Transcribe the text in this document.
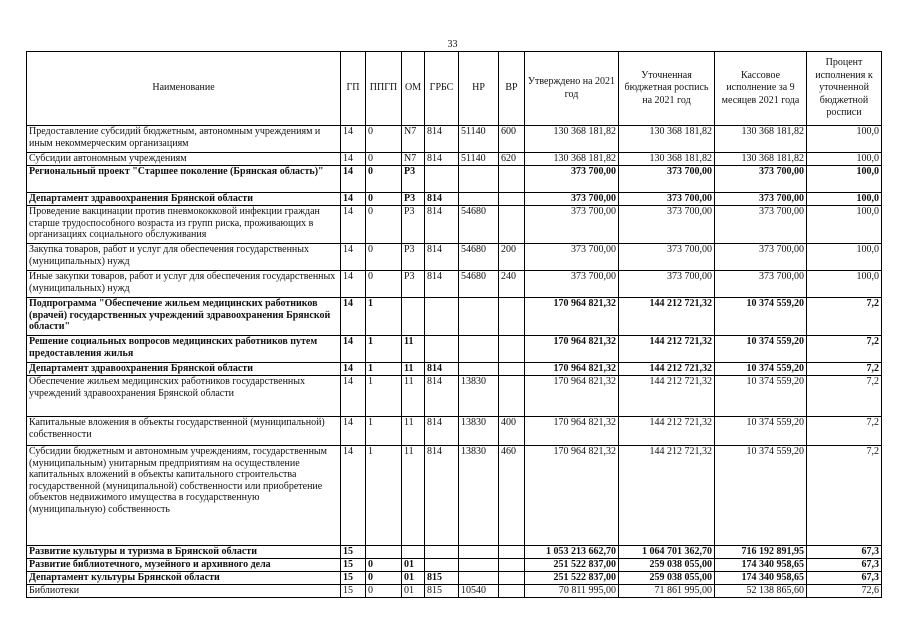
33
Наименование	ГП	ППГП	ОМ	ГРБС	НР	ВР	Утверждено на 2021 год	Уточненная бюджетная роспись на 2021 год	Кассовое исполнение за 9 месяцев 2021 года	Процент исполнения к уточненной бюджетной росписи
Предоставление субсидий бюджетным, автономным учреждениям и иным некоммерческим организациям	14	0	N7	814	51140	600	130 368 181,82	130 368 181,82	130 368 181,82	100,0
Субсидии автономным учреждениям	14	0	N7	814	51140	620	130 368 181,82	130 368 181,82	130 368 181,82	100,0
Региональный проект "Старшее поколение (Брянская область)"	14	0	P3				373 700,00	373 700,00	373 700,00	100,0
Департамент здравоохранения Брянской области	14	0	P3	814			373 700,00	373 700,00	373 700,00	100,0
Проведение вакцинации против пневмококковой инфекции граждан старше трудоспособного возраста из групп риска, проживающих в организациях социального обслуживания	14	0	P3	814	54680		373 700,00	373 700,00	373 700,00	100,0
Закупка товаров, работ и услуг для обеспечения государственных (муниципальных) нужд	14	0	P3	814	54680	200	373 700,00	373 700,00	373 700,00	100,0
Иные закупки товаров, работ и услуг для обеспечения государственных (муниципальных) нужд	14	0	P3	814	54680	240	373 700,00	373 700,00	373 700,00	100,0
Подпрограмма "Обеспечение жильем медицинских работников (врачей) государственных учреждений здравоохранения Брянской области"	14	1					170 964 821,32	144 212 721,32	10 374 559,20	7,2
Решение социальных вопросов медицинских работников путем предоставления жилья	14	1	11				170 964 821,32	144 212 721,32	10 374 559,20	7,2
Департамент здравоохранения Брянской области	14	1	11	814			170 964 821,32	144 212 721,32	10 374 559,20	7,2
Обеспечение жильем медицинских работников государственных учреждений здравоохранения Брянской области	14	1	11	814	13830		170 964 821,32	144 212 721,32	10 374 559,20	7,2
Капитальные вложения в объекты государственной (муниципальной) собственности	14	1	11	814	13830	400	170 964 821,32	144 212 721,32	10 374 559,20	7,2
Субсидии бюджетным и автономным учреждениям, государственным (муниципальным) унитарным предприятиям на осуществление капитальных вложений в объекты капитального строительства государственной (муниципальной) собственности или приобретение объектов недвижимого имущества в государственную (муниципальную) собственность	14	1	11	814	13830	460	170 964 821,32	144 212 721,32	10 374 559,20	7,2
Развитие культуры и туризма в Брянской области	15						1 053 213 662,70	1 064 701 362,70	716 192 891,95	67,3
Развитие библиотечного, музейного и архивного дела	15	0	01				251 522 837,00	259 038 055,00	174 340 958,65	67,3
Департамент культуры Брянской области	15	0	01	815			251 522 837,00	259 038 055,00	174 340 958,65	67,3
Библиотеки	15	0	01	815	10540		70 811 995,00	71 861 995,00	52 138 865,60	72,6
